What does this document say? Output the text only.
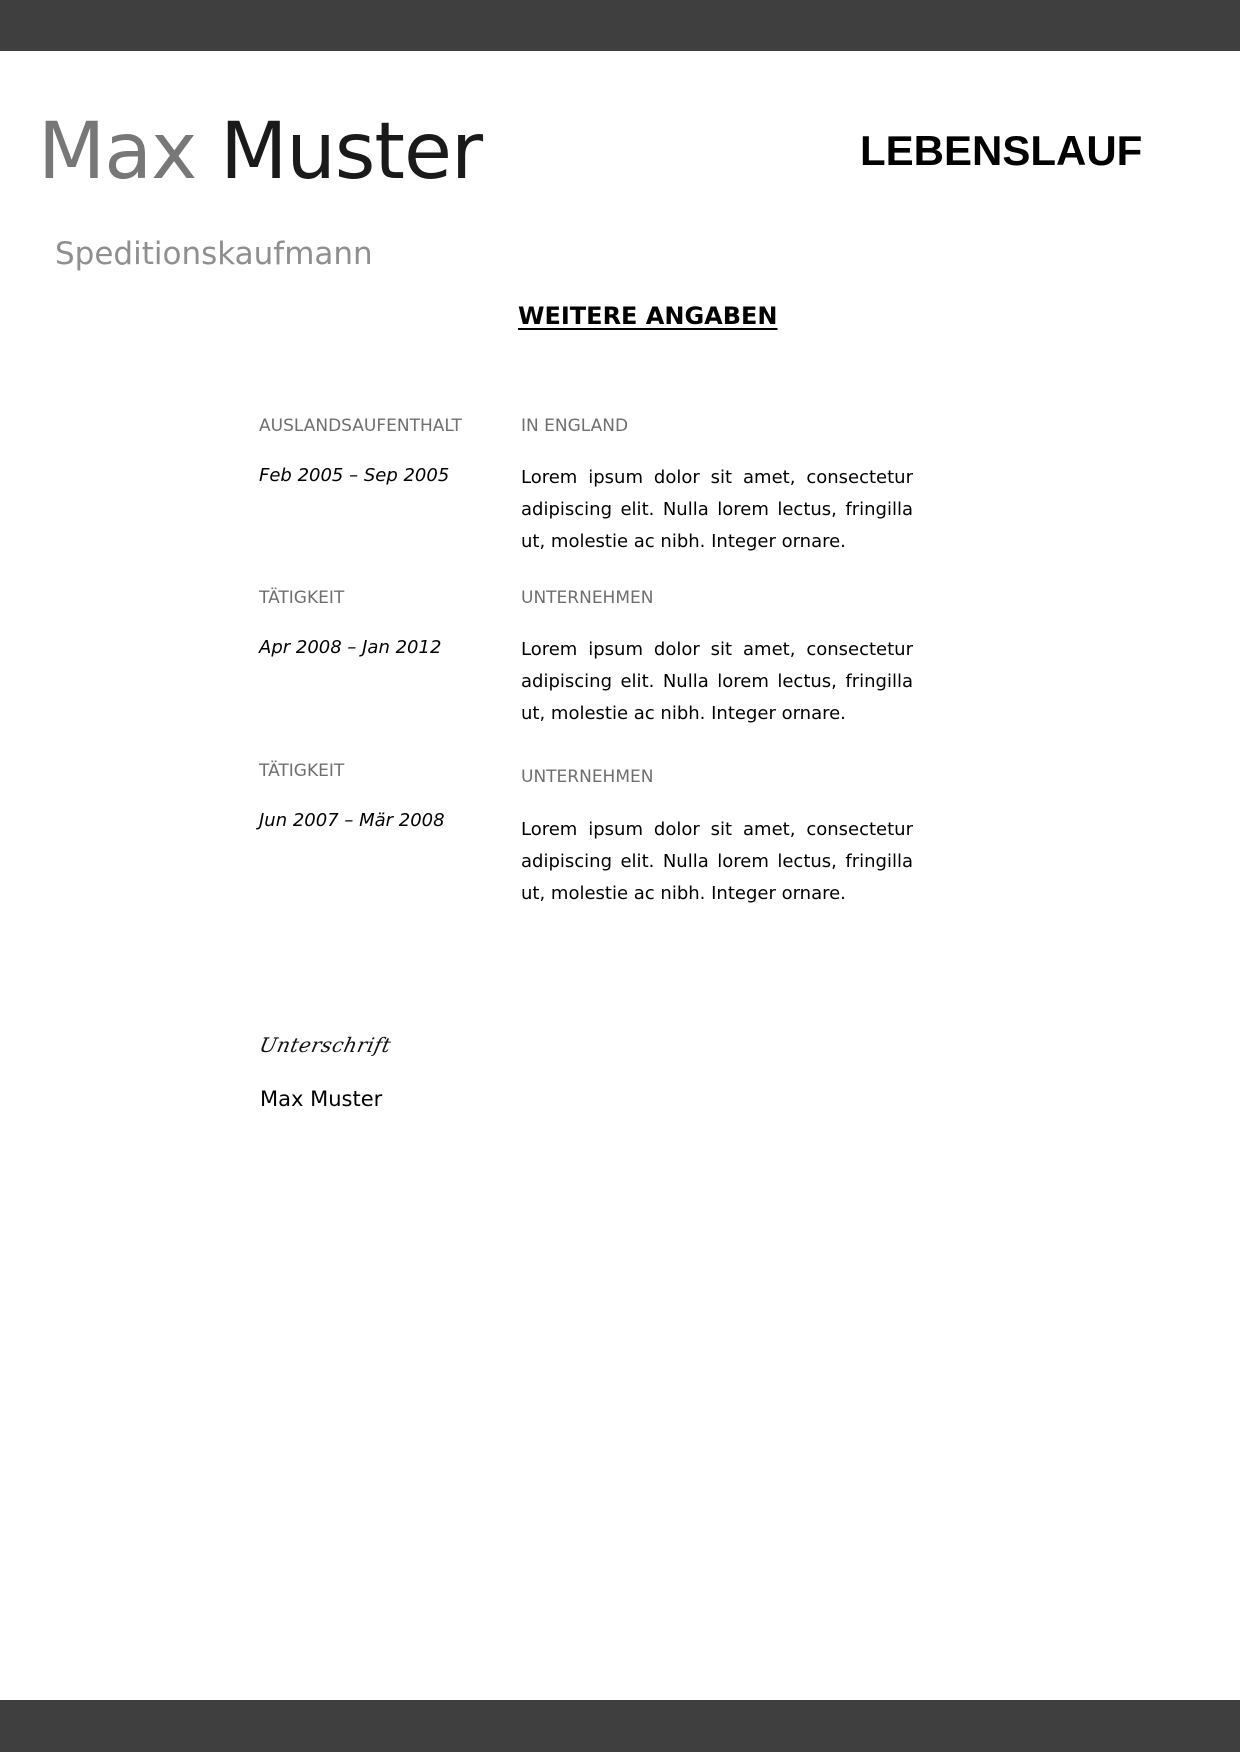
Max Muster	LEBENSLAUF
Speditionskaufmann
WEITERE ANGABEN
AUSLANDSAUFENTHALT	IN ENGLAND
Feb 2005 – Sep 2005	Lorem ipsum dolor sit amet, consectetur adipiscing elit. Nulla lorem lectus, fringilla ut, molestie ac nibh. Integer ornare.
TÄTIGKEIT	UNTERNEHMEN
Apr 2008 – Jan 2012	Lorem ipsum dolor sit amet, consectetur adipiscing elit. Nulla lorem lectus, fringilla ut, molestie ac nibh. Integer ornare.
TÄTIGKEIT	UNTERNEHMEN
Jun 2007 – Mär 2008	Lorem ipsum dolor sit amet, consectetur adipiscing elit. Nulla lorem lectus, fringilla ut, molestie ac nibh. Integer ornare.
Unterschrift
Max Muster
